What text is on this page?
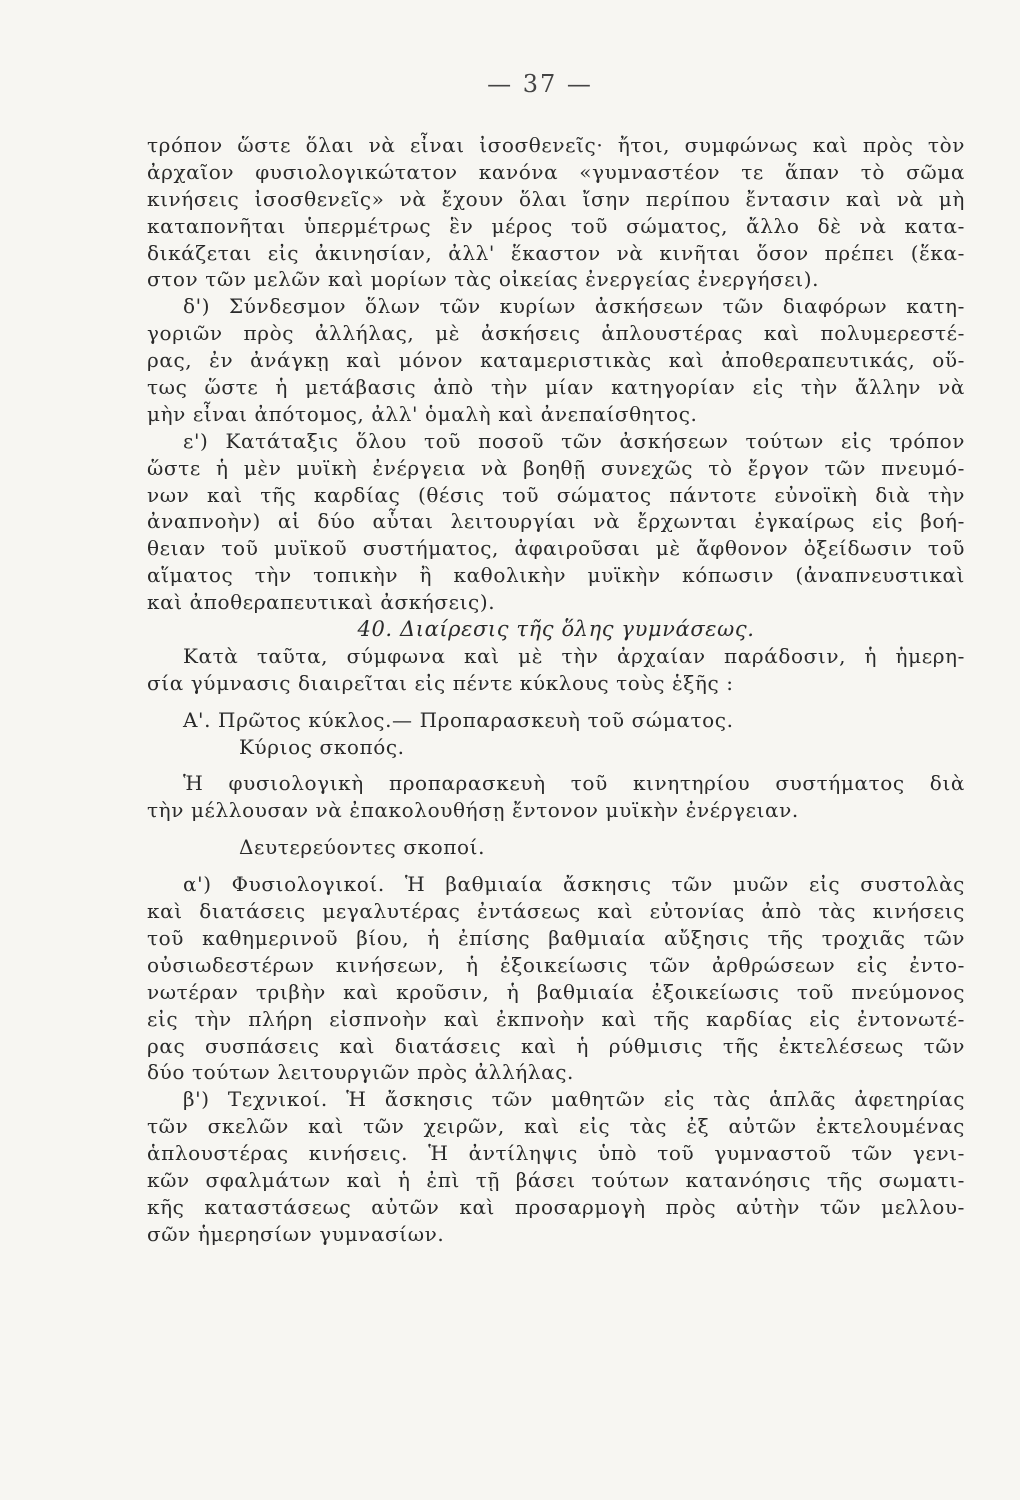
— 37 —
τρόπον ὥστε ὅλαι νὰ εἶναι ἰσοσθενεῖς· ἤτοι, συμφώνως καὶ πρὸς τὸν
ἀρχαῖον φυσιολογικώτατον κανόνα «γυμναστέον τε ἅπαν τὸ σῶμα
κινήσεις ἰσοσθενεῖς» νὰ ἔχουν ὅλαι ἴσην περίπου ἔντασιν καὶ νὰ μὴ
καταπονῆται ὑπερμέτρως ἓν μέρος τοῦ σώματος, ἄλλο δὲ νὰ κατα-
δικάζεται εἰς ἀκινησίαν, ἀλλ' ἕκαστον νὰ κινῆται ὅσον πρέπει (ἕκα-
στον τῶν μελῶν καὶ μορίων τὰς οἰκείας ἐνεργείας ἐνεργήσει).
δ') Σύνδεσμον ὅλων τῶν κυρίων ἀσκήσεων τῶν διαφόρων κατη-
γοριῶν πρὸς ἀλλήλας, μὲ ἀσκήσεις ἁπλουστέρας καὶ πολυμερεστέ-
ρας, ἐν ἀνάγκῃ καὶ μόνον καταμεριστικὰς καὶ ἀποθεραπευτικάς, οὕ-
τως ὥστε ἡ μετάβασις ἀπὸ τὴν μίαν κατηγορίαν εἰς τὴν ἄλλην νὰ
μὴν εἶναι ἀπότομος, ἀλλ' ὁμαλὴ καὶ ἀνεπαίσθητος.
ε') Κατάταξις ὅλου τοῦ ποσοῦ τῶν ἀσκήσεων τούτων εἰς τρόπον
ὥστε ἡ μὲν μυϊκὴ ἐνέργεια νὰ βοηθῇ συνεχῶς τὸ ἔργον τῶν πνευμό-
νων καὶ τῆς καρδίας (θέσις τοῦ σώματος πάντοτε εὐνοϊκὴ διὰ τὴν
ἀναπνοὴν) αἱ δύο αὗται λειτουργίαι νὰ ἔρχωνται ἐγκαίρως εἰς βοή-
θειαν τοῦ μυϊκοῦ συστήματος, ἀφαιροῦσαι μὲ ἄφθονον ὀξείδωσιν τοῦ
αἵματος τὴν τοπικὴν ἢ καθολικὴν μυϊκὴν κόπωσιν (ἀναπνευστικαὶ
καὶ ἀποθεραπευτικαὶ ἀσκήσεις).
40. Διαίρεσις τῆς ὅλης γυμνάσεως.
Κατὰ ταῦτα, σύμφωνα καὶ μὲ τὴν ἀρχαίαν παράδοσιν, ἡ ἡμερη-
σία γύμνασις διαιρεῖται εἰς πέντε κύκλους τοὺς ἑξῆς :
Α'. Πρῶτος κύκλος.— Προπαρασκευὴ τοῦ σώματος.
Κύριος σκοπός.
Ἡ φυσιολογικὴ προπαρασκευὴ τοῦ κινητηρίου συστήματος διὰ
τὴν μέλλουσαν νὰ ἐπακολουθήσῃ ἔντονον μυϊκὴν ἐνέργειαν.
Δευτερεύοντες σκοποί.
α') Φυσιολογικοί. Ἡ βαθμιαία ἄσκησις τῶν μυῶν εἰς συστολὰς
καὶ διατάσεις μεγαλυτέρας ἐντάσεως καὶ εὐτονίας ἀπὸ τὰς κινήσεις
τοῦ καθημερινοῦ βίου, ἡ ἐπίσης βαθμιαία αὔξησις τῆς τροχιᾶς τῶν
οὐσιωδεστέρων κινήσεων, ἡ ἐξοικείωσις τῶν ἀρθρώσεων εἰς ἐντο-
νωτέραν τριβὴν καὶ κροῦσιν, ἡ βαθμιαία ἐξοικείωσις τοῦ πνεύμονος
εἰς τὴν πλήρη εἰσπνοὴν καὶ ἐκπνοὴν καὶ τῆς καρδίας εἰς ἐντονωτέ-
ρας συσπάσεις καὶ διατάσεις καὶ ἡ ρύθμισις τῆς ἐκτελέσεως τῶν
δύο τούτων λειτουργιῶν πρὸς ἀλλήλας.
β') Τεχνικοί. Ἡ ἄσκησις τῶν μαθητῶν εἰς τὰς ἁπλᾶς ἀφετηρίας
τῶν σκελῶν καὶ τῶν χειρῶν, καὶ εἰς τὰς ἐξ αὐτῶν ἐκτελουμένας
ἁπλουστέρας κινήσεις. Ἡ ἀντίληψις ὑπὸ τοῦ γυμναστοῦ τῶν γενι-
κῶν σφαλμάτων καὶ ἡ ἐπὶ τῇ βάσει τούτων κατανόησις τῆς σωματι-
κῆς καταστάσεως αὐτῶν καὶ προσαρμογὴ πρὸς αὐτὴν τῶν μελλου-
σῶν ἡμερησίων γυμνασίων.
